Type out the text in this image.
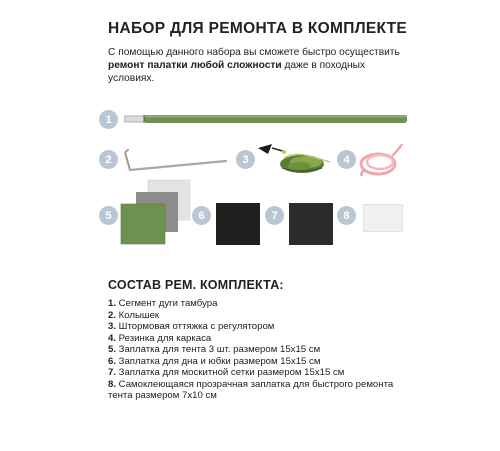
НАБОР ДЛЯ РЕМОНТА В КОМПЛЕКТЕ
С помощью данного набора вы сможете быстро осуществить ремонт палатки любой сложности даже в походных условиях.
1
2	3	4
5	6	7	8
СОСТАВ РЕМ. КОМПЛЕКТА:
1. Сегмент дуги тамбура
2. Колышек
3. Штормовая оттяжка с регулятором
4. Резинка для каркаса
5. Заплатка для тента 3 шт. размером 15х15 см
6. Заплатка для дна и юбки размером 15х15 см
7. Заплатка для москитной сетки размером 15х15 см
8. Самоклеющаяся прозрачная заплатка для быстрого ремонта тента размером 7х10 см
